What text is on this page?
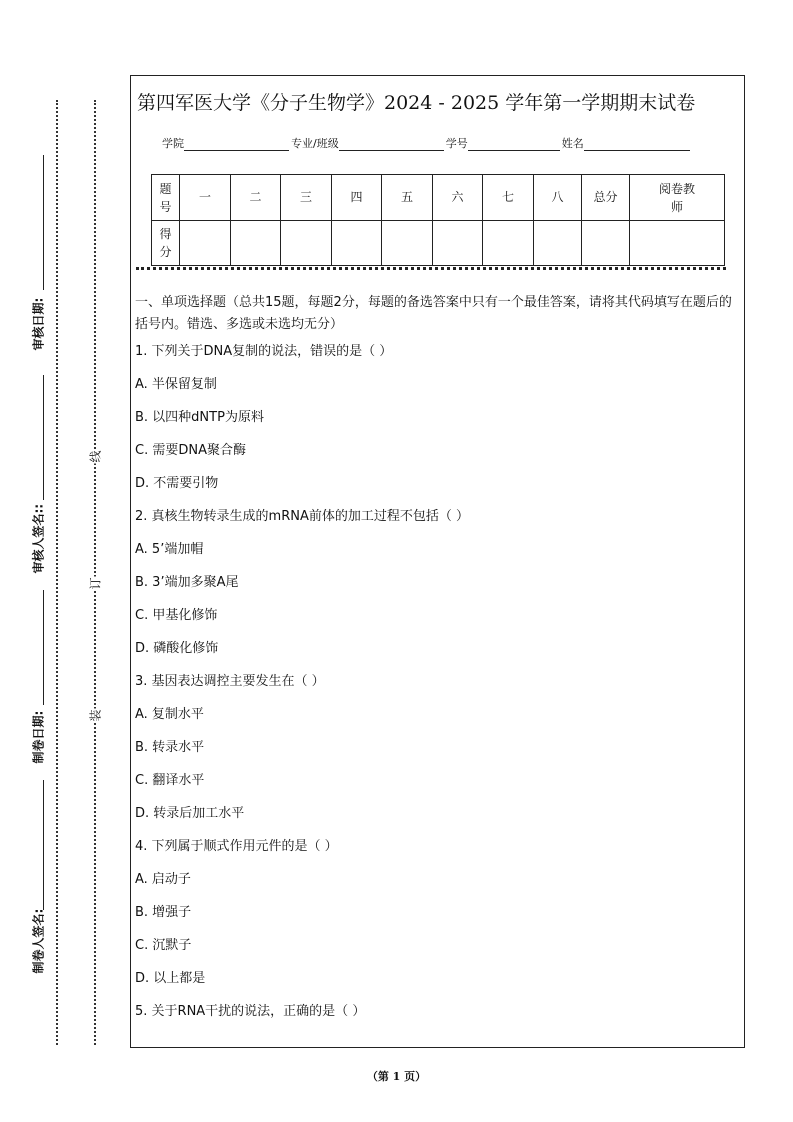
审核日期:
审核人签名::
制卷日期:
制卷人签名:
线
订
装
第四军医大学《分子生物学》2024 - 2025 学年第一学期期末试卷
学院	专业/班级	学号	姓名
题号	一	二	三	四	五	六	七	八	总分	阅卷教师
得分										
一、单项选择题（总共15题，每题2分，每题的备选答案中只有一个最佳答案，请将其代码填写在题后的括号内。错选、多选或未选均无分）
1. 下列关于DNA复制的说法，错误的是（ ）
A. 半保留复制
B. 以四种dNTP为原料
C. 需要DNA聚合酶
D. 不需要引物
2. 真核生物转录生成的mRNA前体的加工过程不包括（ ）
A. 5’端加帽
B. 3’端加多聚A尾
C. 甲基化修饰
D. 磷酸化修饰
3. 基因表达调控主要发生在（ ）
A. 复制水平
B. 转录水平
C. 翻译水平
D. 转录后加工水平
4. 下列属于顺式作用元件的是（ ）
A. 启动子
B. 增强子
C. 沉默子
D. 以上都是
5. 关于RNA干扰的说法，正确的是（ ）
（第 1 页）
